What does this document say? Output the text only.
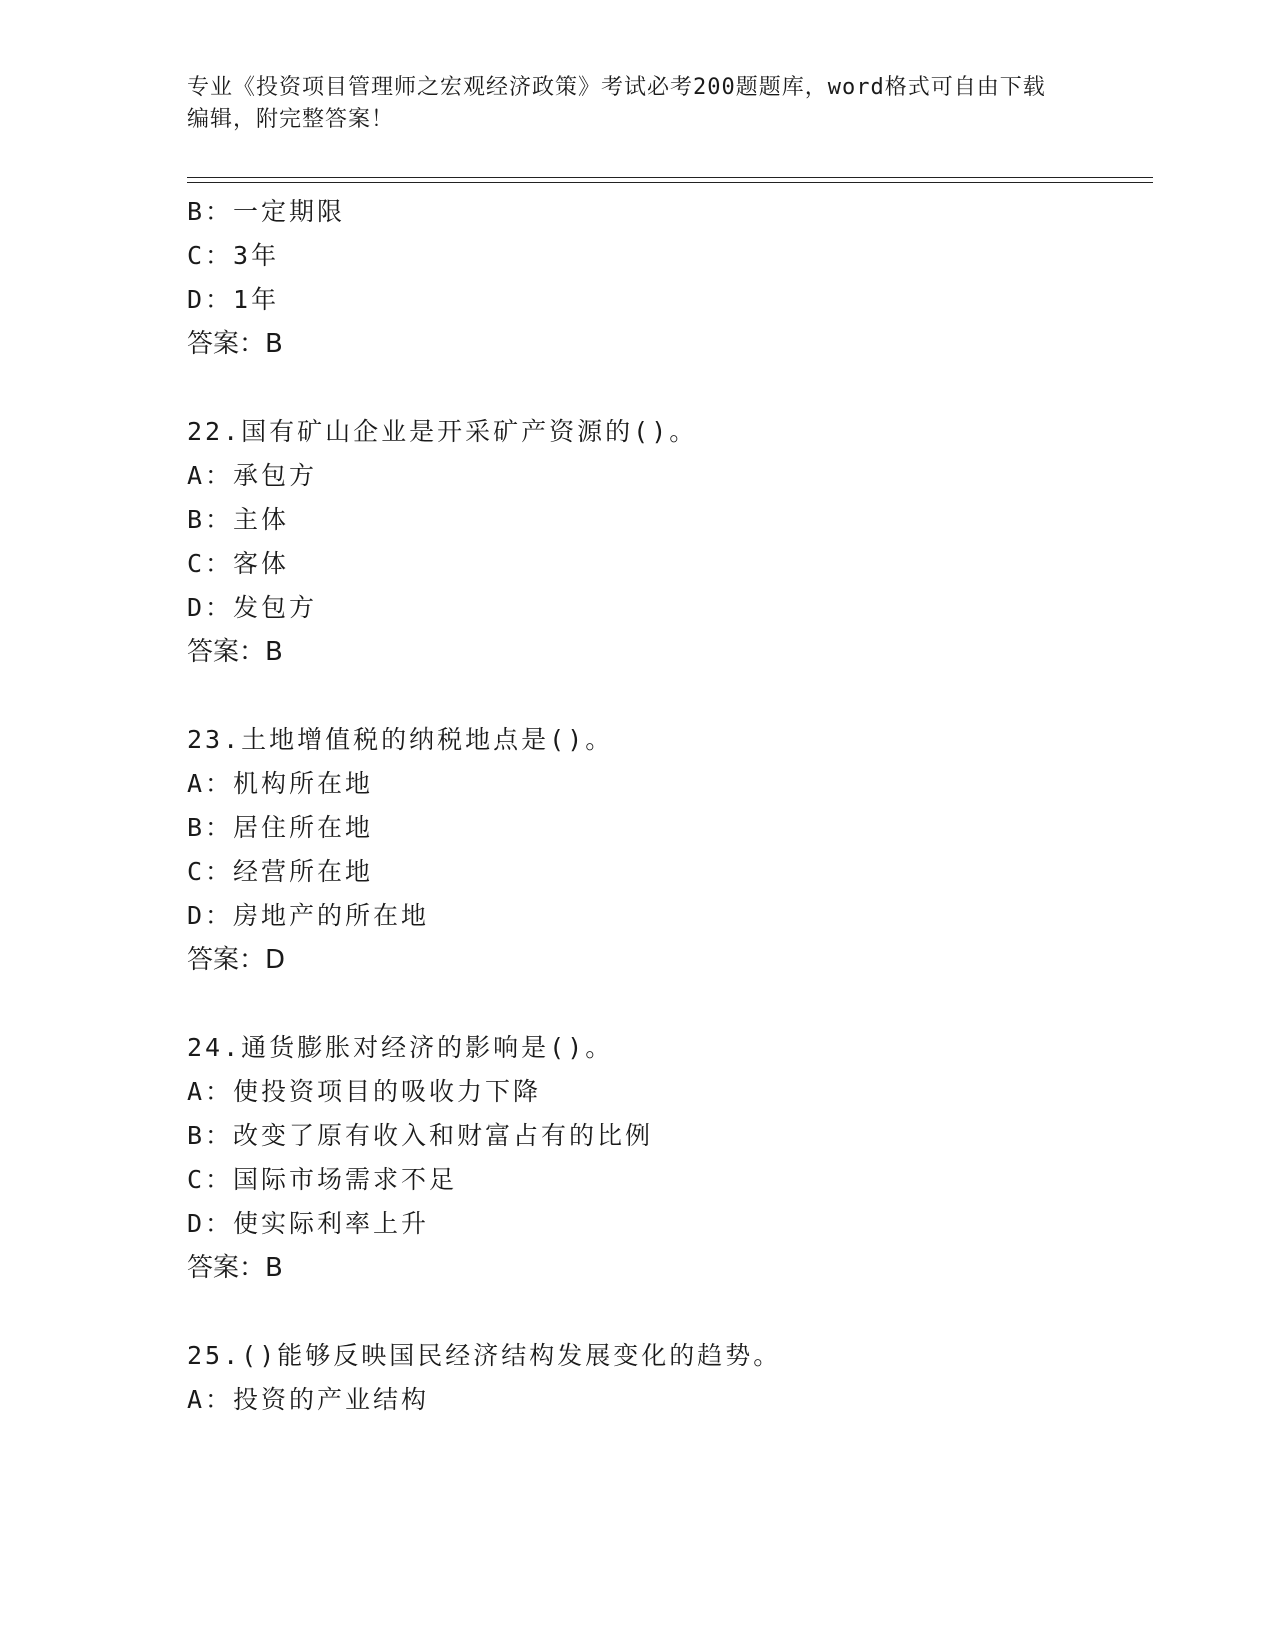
专业《投资项目管理师之宏观经济政策》考试必考200题题库，word格式可自由下载编辑，附完整答案！
B：一定期限
C：3年
D：1年
答案：B
22.国有矿山企业是开采矿产资源的()。
A：承包方
B：主体
C：客体
D：发包方
答案：B
23.土地增值税的纳税地点是()。
A：机构所在地
B：居住所在地
C：经营所在地
D：房地产的所在地
答案：D
24.通货膨胀对经济的影响是()。
A：使投资项目的吸收力下降
B：改变了原有收入和财富占有的比例
C：国际市场需求不足
D：使实际利率上升
答案：B
25.()能够反映国民经济结构发展变化的趋势。
A：投资的产业结构
